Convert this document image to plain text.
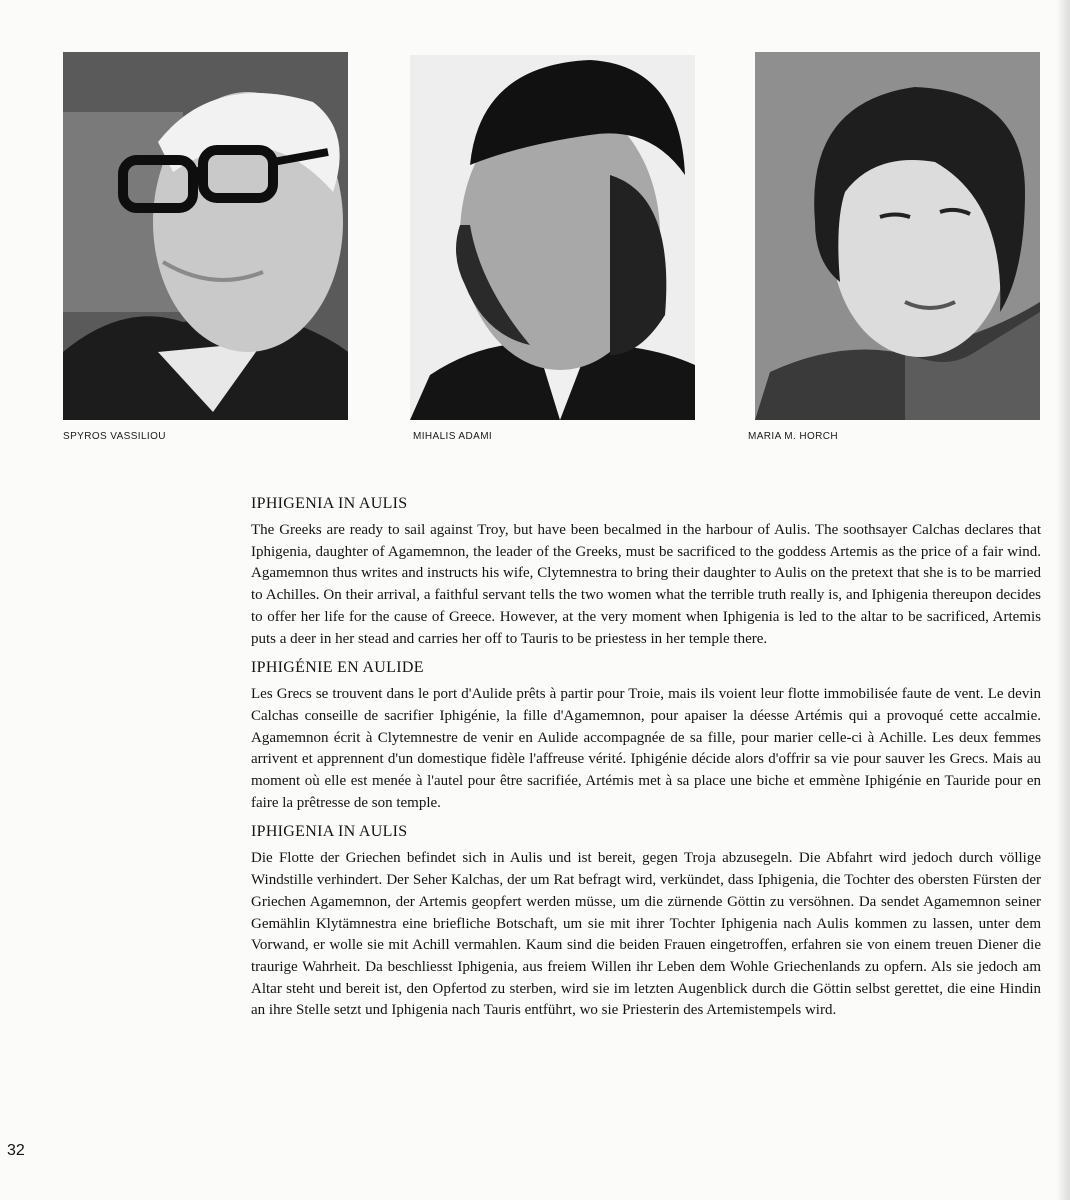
SPYROS VASSILIOU	MIHALIS ADAMI	MARIA M. HORCH
IPHIGENIA IN AULIS

The Greeks are ready to sail against Troy, but have been becalmed in the harbour of Aulis. The soothsayer Calchas declares that Iphigenia, daughter of Agamemnon, the leader of the Greeks, must be sacrificed to the goddess Artemis as the price of a fair wind. Agamemnon thus writes and instructs his wife, Clytemnestra to bring their daughter to Aulis on the pretext that she is to be married to Achilles. On their arrival, a faithful servant tells the two women what the terrible truth really is, and Iphigenia thereupon decides to offer her life for the cause of Greece. However, at the very moment when Iphigenia is led to the altar to be sacrificed, Artemis puts a deer in her stead and carries her off to Tauris to be priestess in her temple there.

IPHIGÉNIE EN AULIDE

Les Grecs se trouvent dans le port d'Aulide prêts à partir pour Troie, mais ils voient leur flotte immobilisée faute de vent. Le devin Calchas conseille de sacrifier Iphigénie, la fille d'Agamemnon, pour apaiser la déesse Artémis qui a provoqué cette accalmie. Agamemnon écrit à Clytemnestre de venir en Aulide accompagnée de sa fille, pour marier celle-ci à Achille. Les deux femmes arrivent et apprennent d'un domestique fidèle l'affreuse vérité. Iphigénie décide alors d'offrir sa vie pour sauver les Grecs. Mais au moment où elle est menée à l'autel pour être sacrifiée, Artémis met à sa place une biche et emmène Iphigénie en Tauride pour en faire la prêtresse de son temple.

IPHIGENIA IN AULIS

Die Flotte der Griechen befindet sich in Aulis und ist bereit, gegen Troja abzusegeln. Die Abfahrt wird jedoch durch völlige Windstille verhindert. Der Seher Kalchas, der um Rat befragt wird, verkündet, dass Iphigenia, die Tochter des obersten Fürsten der Griechen Agamemnon, der Artemis geopfert werden müsse, um die zürnende Göttin zu versöhnen. Da sendet Agamemnon seiner Gemählin Klytämnestra eine briefliche Botschaft, um sie mit ihrer Tochter Iphigenia nach Aulis kommen zu lassen, unter dem Vorwand, er wolle sie mit Achill vermahlen. Kaum sind die beiden Frauen eingetroffen, erfahren sie von einem treuen Diener die traurige Wahrheit. Da beschliesst Iphigenia, aus freiem Willen ihr Leben dem Wohle Griechenlands zu opfern. Als sie jedoch am Altar steht und bereit ist, den Opfertod zu sterben, wird sie im letzten Augenblick durch die Göttin selbst gerettet, die eine Hindin an ihre Stelle setzt und Iphigenia nach Tauris entführt, wo sie Priesterin des Artemistempels wird.

32
